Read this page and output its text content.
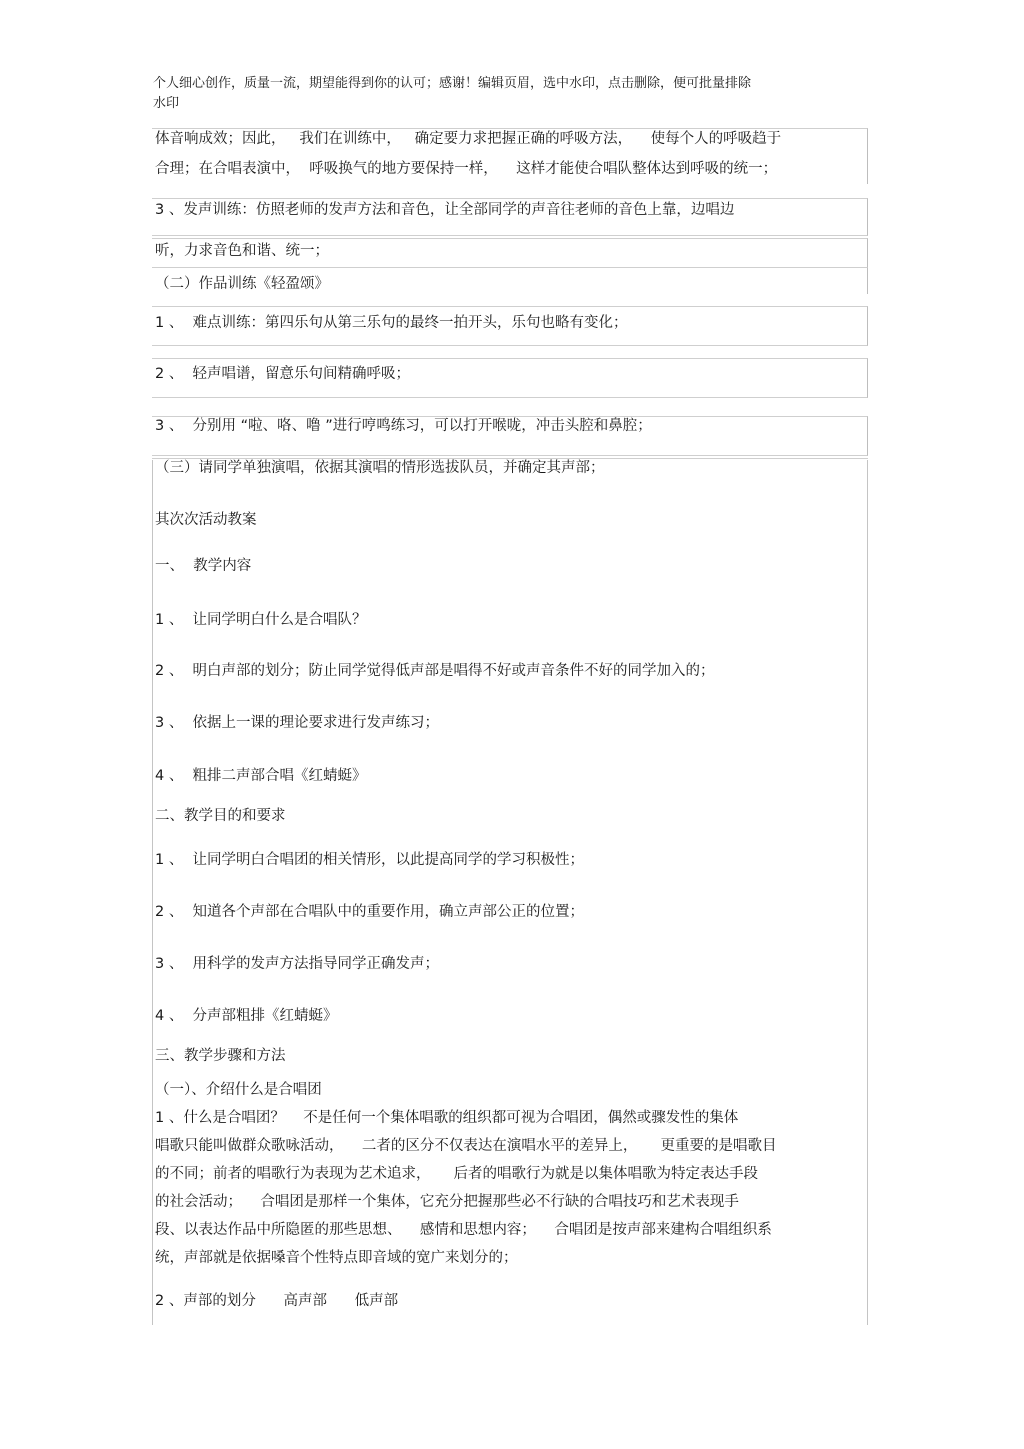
个人细心创作，质量一流，期望能得到你的认可；感谢！编辑页眉，选中水印，点击删除，便可批量排除
水印
体音响成效；因此，   我们在训练中，   确定要力求把握正确的呼吸方法，    使每个人的呼吸趋于
合理；在合唱表演中，  呼吸换气的地方要保持一样，    这样才能使合唱队整体达到呼吸的统一；
3 、发声训练：仿照老师的发声方法和音色，让全部同学的声音往老师的音色上靠，边唱边
听，力求音色和谐、统一；
（二）作品训练《轻盈颂》
1 、  难点训练：第四乐句从第三乐句的最终一拍开头，乐句也略有变化；
2 、  轻声唱谱，留意乐句间精确呼吸；
3 、  分别用 “啦、咯、噜 ”进行哼鸣练习，可以打开喉咙，冲击头腔和鼻腔；
（三）请同学单独演唱，依据其演唱的情形选拔队员，并确定其声部；
其次次活动教案
一、  教学内容
1 、  让同学明白什么是合唱队？
2 、  明白声部的划分；防止同学觉得低声部是唱得不好或声音条件不好的同学加入的；
3 、  依据上一课的理论要求进行发声练习；
4 、  粗排二声部合唱《红蜻蜓》
二、教学目的和要求
1 、  让同学明白合唱团的相关情形，以此提高同学的学习积极性；
2 、  知道各个声部在合唱队中的重要作用，确立声部公正的位置；
3 、  用科学的发声方法指导同学正确发声；
4 、  分声部粗排《红蜻蜓》
三、教学步骤和方法
（一）、介绍什么是合唱团
1 、什么是合唱团？    不是任何一个集体唱歌的组织都可视为合唱团，偶然或骤发性的集体
唱歌只能叫做群众歌咏活动，    二者的区分不仅表达在演唱水平的差异上，     更重要的是唱歌目
的不同；前者的唱歌行为表现为艺术追求，     后者的唱歌行为就是以集体唱歌为特定表达手段
的社会活动；    合唱团是那样一个集体，它充分把握那些必不行缺的合唱技巧和艺术表现手
段、以表达作品中所隐匿的那些思想、    感情和思想内容；    合唱团是按声部来建构合唱组织系
统，声部就是依据嗓音个性特点即音域的宽广来划分的；
2 、声部的划分      高声部      低声部
